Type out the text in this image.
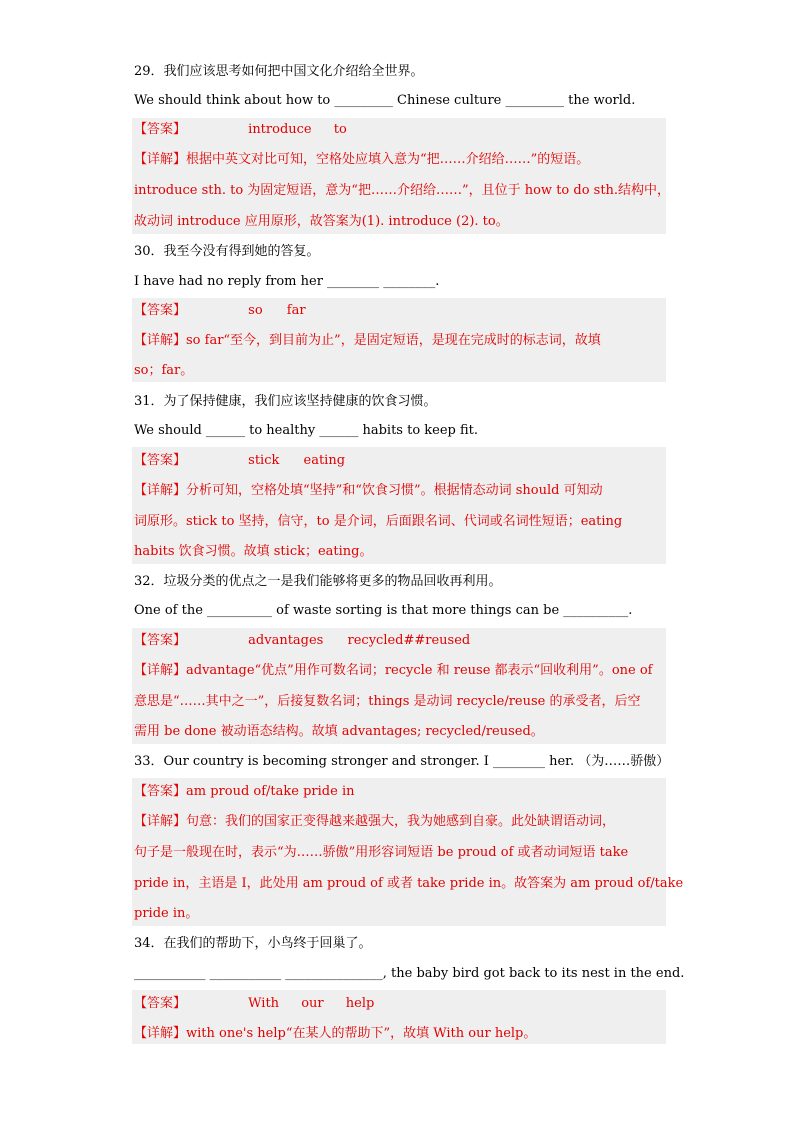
29．我们应该思考如何把中国文化介绍给全世界。
We should think about how to _________ Chinese culture _________ the world.
【答案】	introduce to
【详解】根据中英文对比可知，空格处应填入意为“把……介绍给……”的短语。
introduce sth. to 为固定短语，意为“把……介绍给……”，且位于 how to do sth.结构中，
故动词 introduce 应用原形，故答案为(1). introduce (2). to。
30．我至今没有得到她的答复。
I have had no reply from her ________ ________.
【答案】	so far
【详解】so far“至今，到目前为止”，是固定短语，是现在完成时的标志词，故填
so；far。
31．为了保持健康，我们应该坚持健康的饮食习惯。
We should ______ to healthy ______ habits to keep fit.
【答案】	stick eating
【详解】分析可知，空格处填“坚持”和“饮食习惯”。根据情态动词 should 可知动
词原形。stick to 坚持，信守，to 是介词，后面跟名词、代词或名词性短语；eating
habits 饮食习惯。故填 stick；eating。
32．垃圾分类的优点之一是我们能够将更多的物品回收再利用。
One of the __________ of waste sorting is that more things can be __________.
【答案】	advantages recycled##reused
【详解】advantage“优点”用作可数名词；recycle 和 reuse 都表示“回收利用”。one of
意思是“……其中之一”，后接复数名词；things 是动词 recycle/reuse 的承受者，后空
需用 be done 被动语态结构。故填 advantages; recycled/reused。
33．Our country is becoming stronger and stronger. I ________ her. （为……骄傲）
【答案】am proud of/take pride in
【详解】句意：我们的国家正变得越来越强大，我为她感到自豪。此处缺谓语动词，
句子是一般现在时，表示“为……骄傲”用形容词短语 be proud of 或者动词短语 take
pride in，主语是 I，此处用 am proud of 或者 take pride in。故答案为 am proud of/take
pride in。
34．在我们的帮助下，小鸟终于回巢了。
___________ ___________ _______________, the baby bird got back to its nest in the end.
【答案】	With our help
【详解】with one's help“在某人的帮助下”，故填 With our help。
